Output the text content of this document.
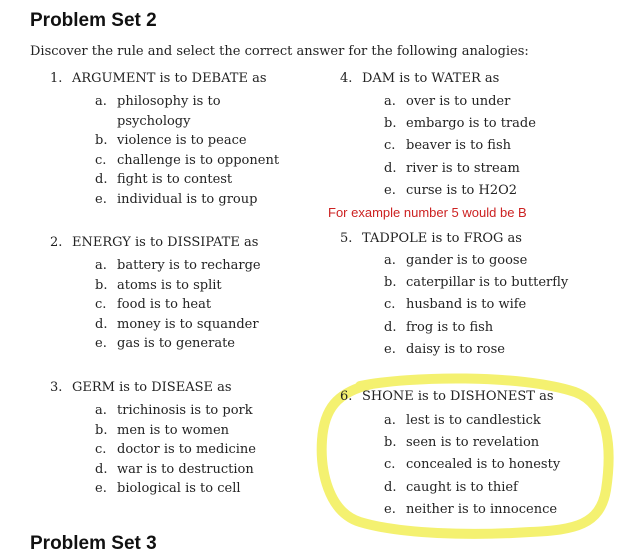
Problem Set 2
Discover the rule and select the correct answer for the following analogies:
1. ARGUMENT is to DEBATE as
a. philosophy is to
psychology
b. violence is to peace
c. challenge is to opponent
d. fight is to contest
e. individual is to group
2. ENERGY is to DISSIPATE as
a. battery is to recharge
b. atoms is to split
c. food is to heat
d. money is to squander
e. gas is to generate
3. GERM is to DISEASE as
a. trichinosis is to pork
b. men is to women
c. doctor is to medicine
d. war is to destruction
e. biological is to cell
4. DAM is to WATER as
a. over is to under
b. embargo is to trade
c. beaver is to fish
d. river is to stream
e. curse is to H2O2
For example number 5 would be B
5. TADPOLE is to FROG as
a. gander is to goose
b. caterpillar is to butterfly
c. husband is to wife
d. frog is to fish
e. daisy is to rose
6. SHONE is to DISHONEST as
a. lest is to candlestick
b. seen is to revelation
c. concealed is to honesty
d. caught is to thief
e. neither is to innocence
Problem Set 3
